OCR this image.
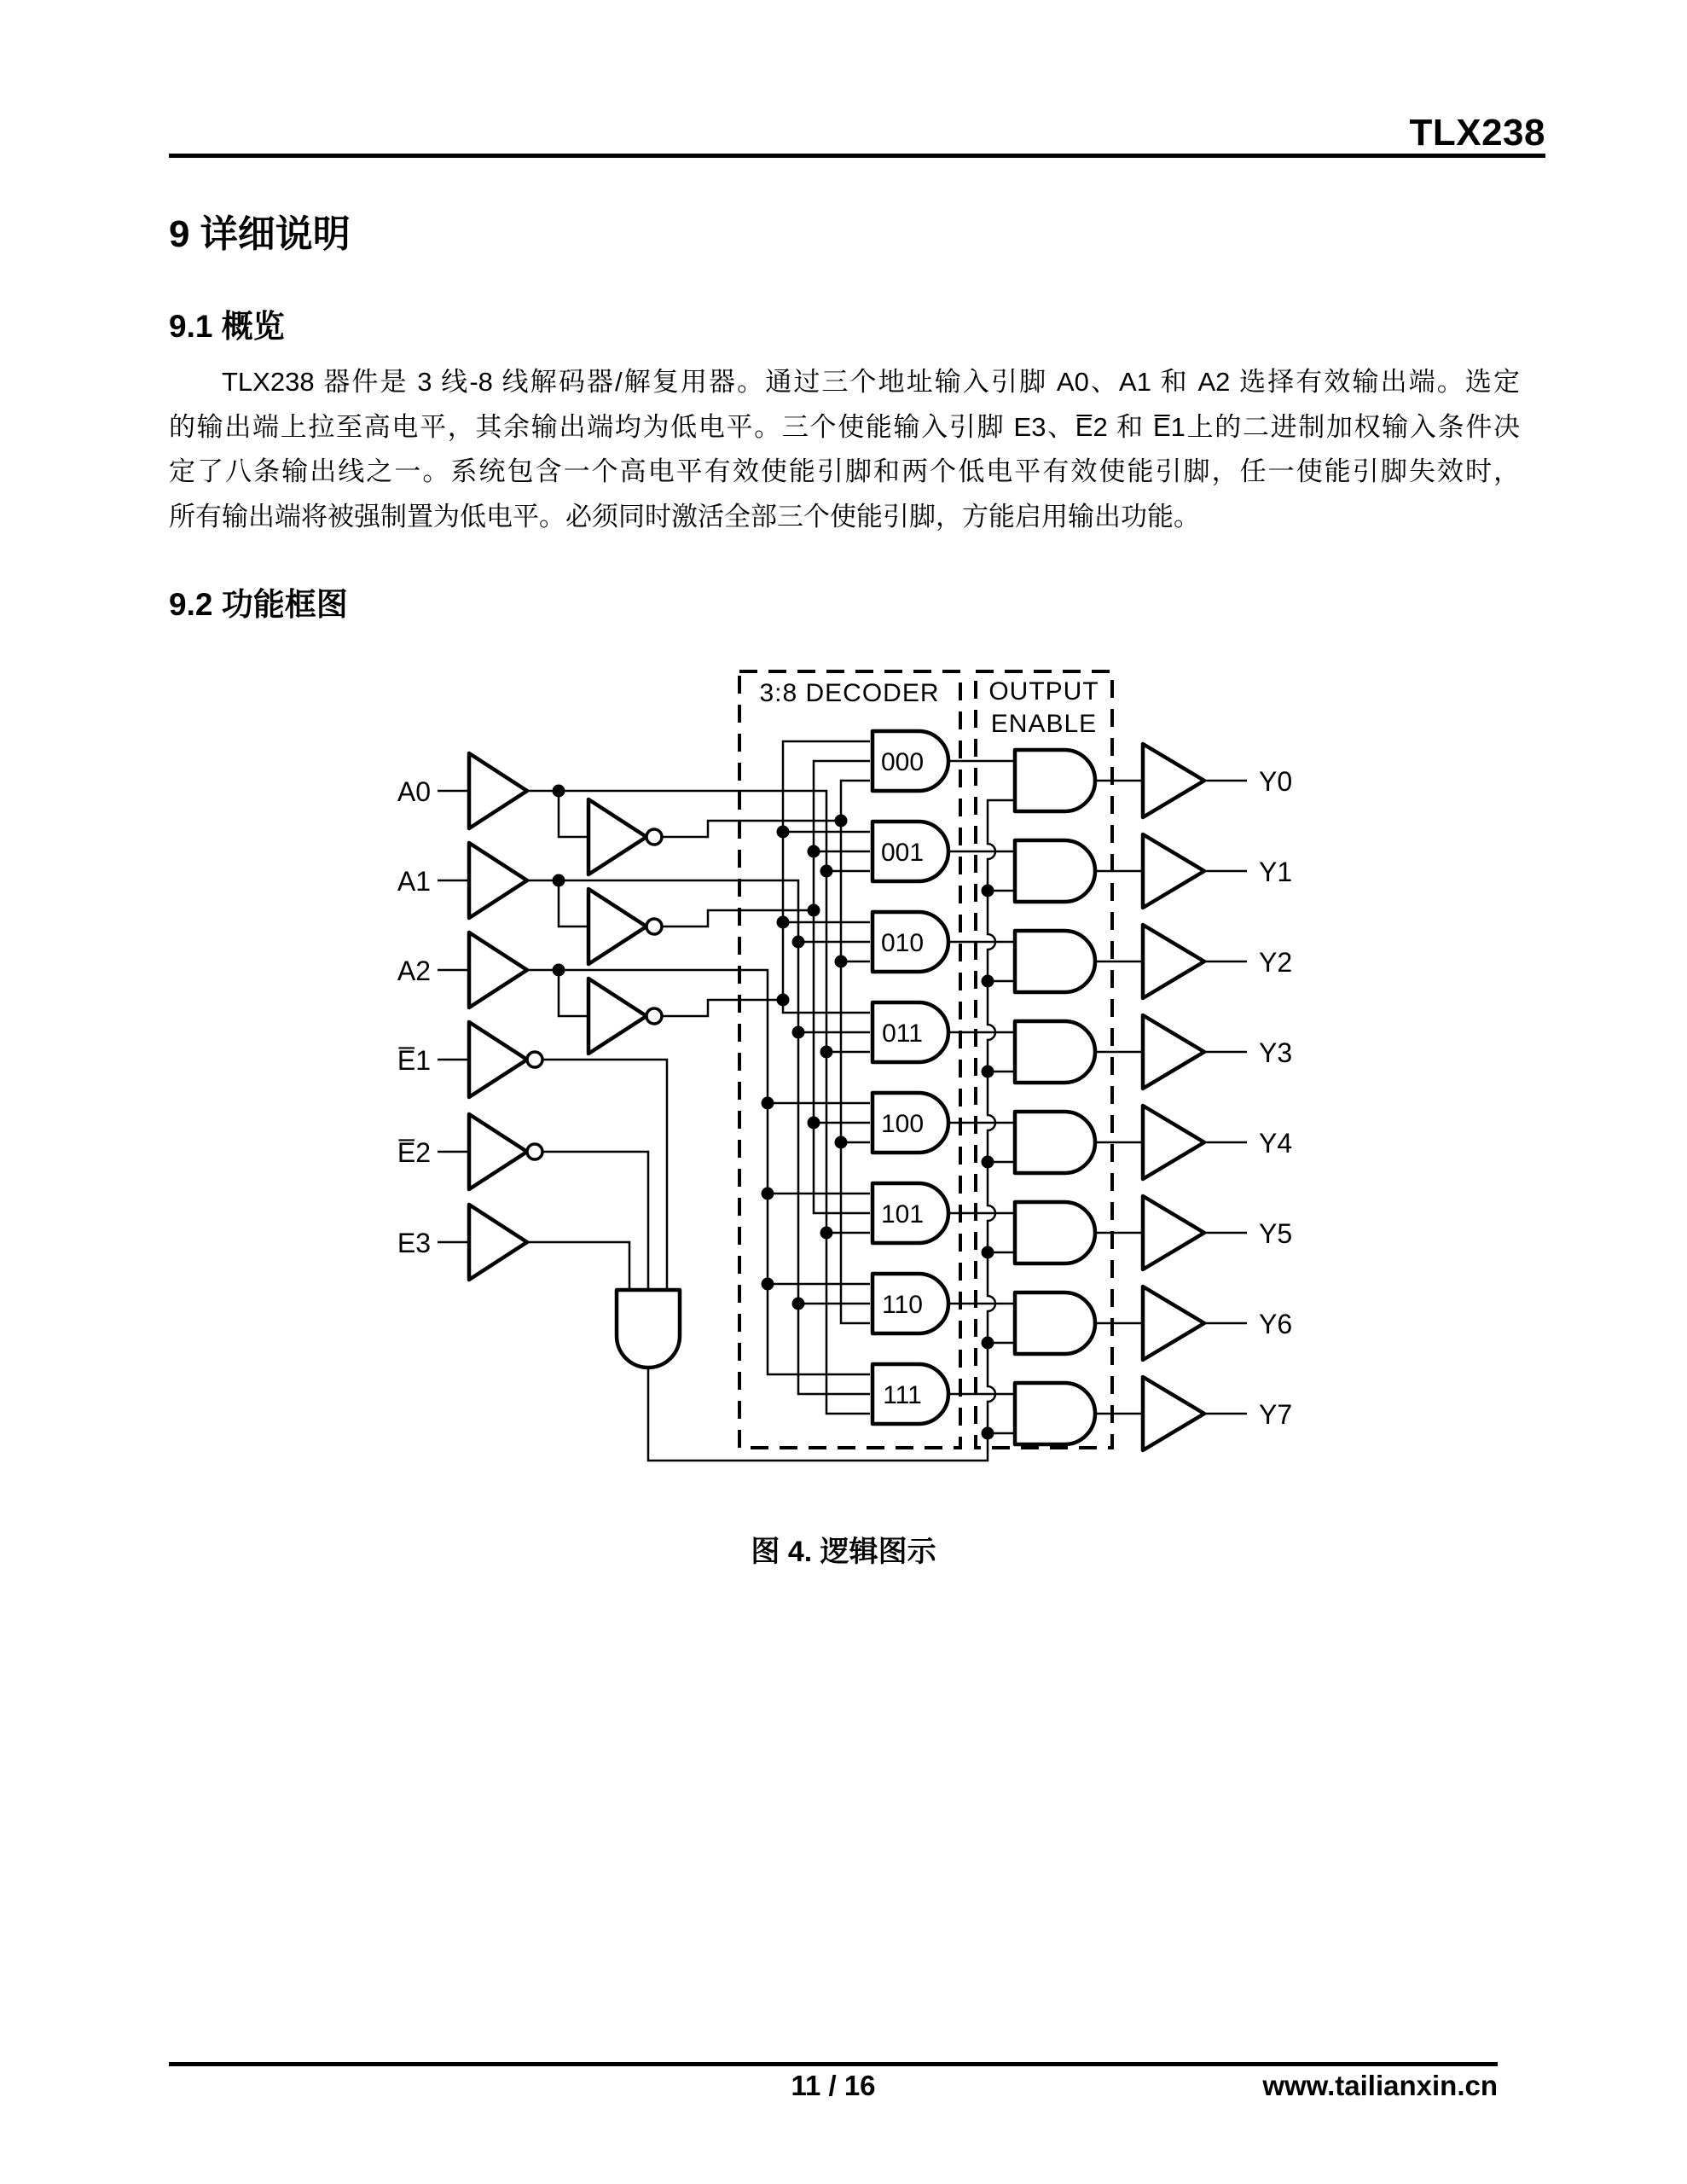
TLX238
9 详细说明
9.1 概览
TLX238 器件是 3 线-8 线解码器/解复用器。通过三个地址输入引脚 A0、A1 和 A2 选择有效输出端。选定
的输出端上拉至高电平，其余输出端均为低电平。三个使能输入引脚 E3、E̅2 和 E̅1上的二进制加权输入条件决
定了八条输出线之一。系统包含一个高电平有效使能引脚和两个低电平有效使能引脚，任一使能引脚失效时，
所有输出端将被强制置为低电平。必须同时激活全部三个使能引脚，方能启用输出功能。
9.2 功能框图
3:8 DECODER OUTPUT
ENABLE
A0
A1
A2
E̅1
E̅2
E3
000
001
010
011
100
101
110
111
Y0
Y1
Y2
Y3
Y4
Y5
Y6
Y7
图 4. 逻辑图示
11 / 16	www.tailianxin.cn
